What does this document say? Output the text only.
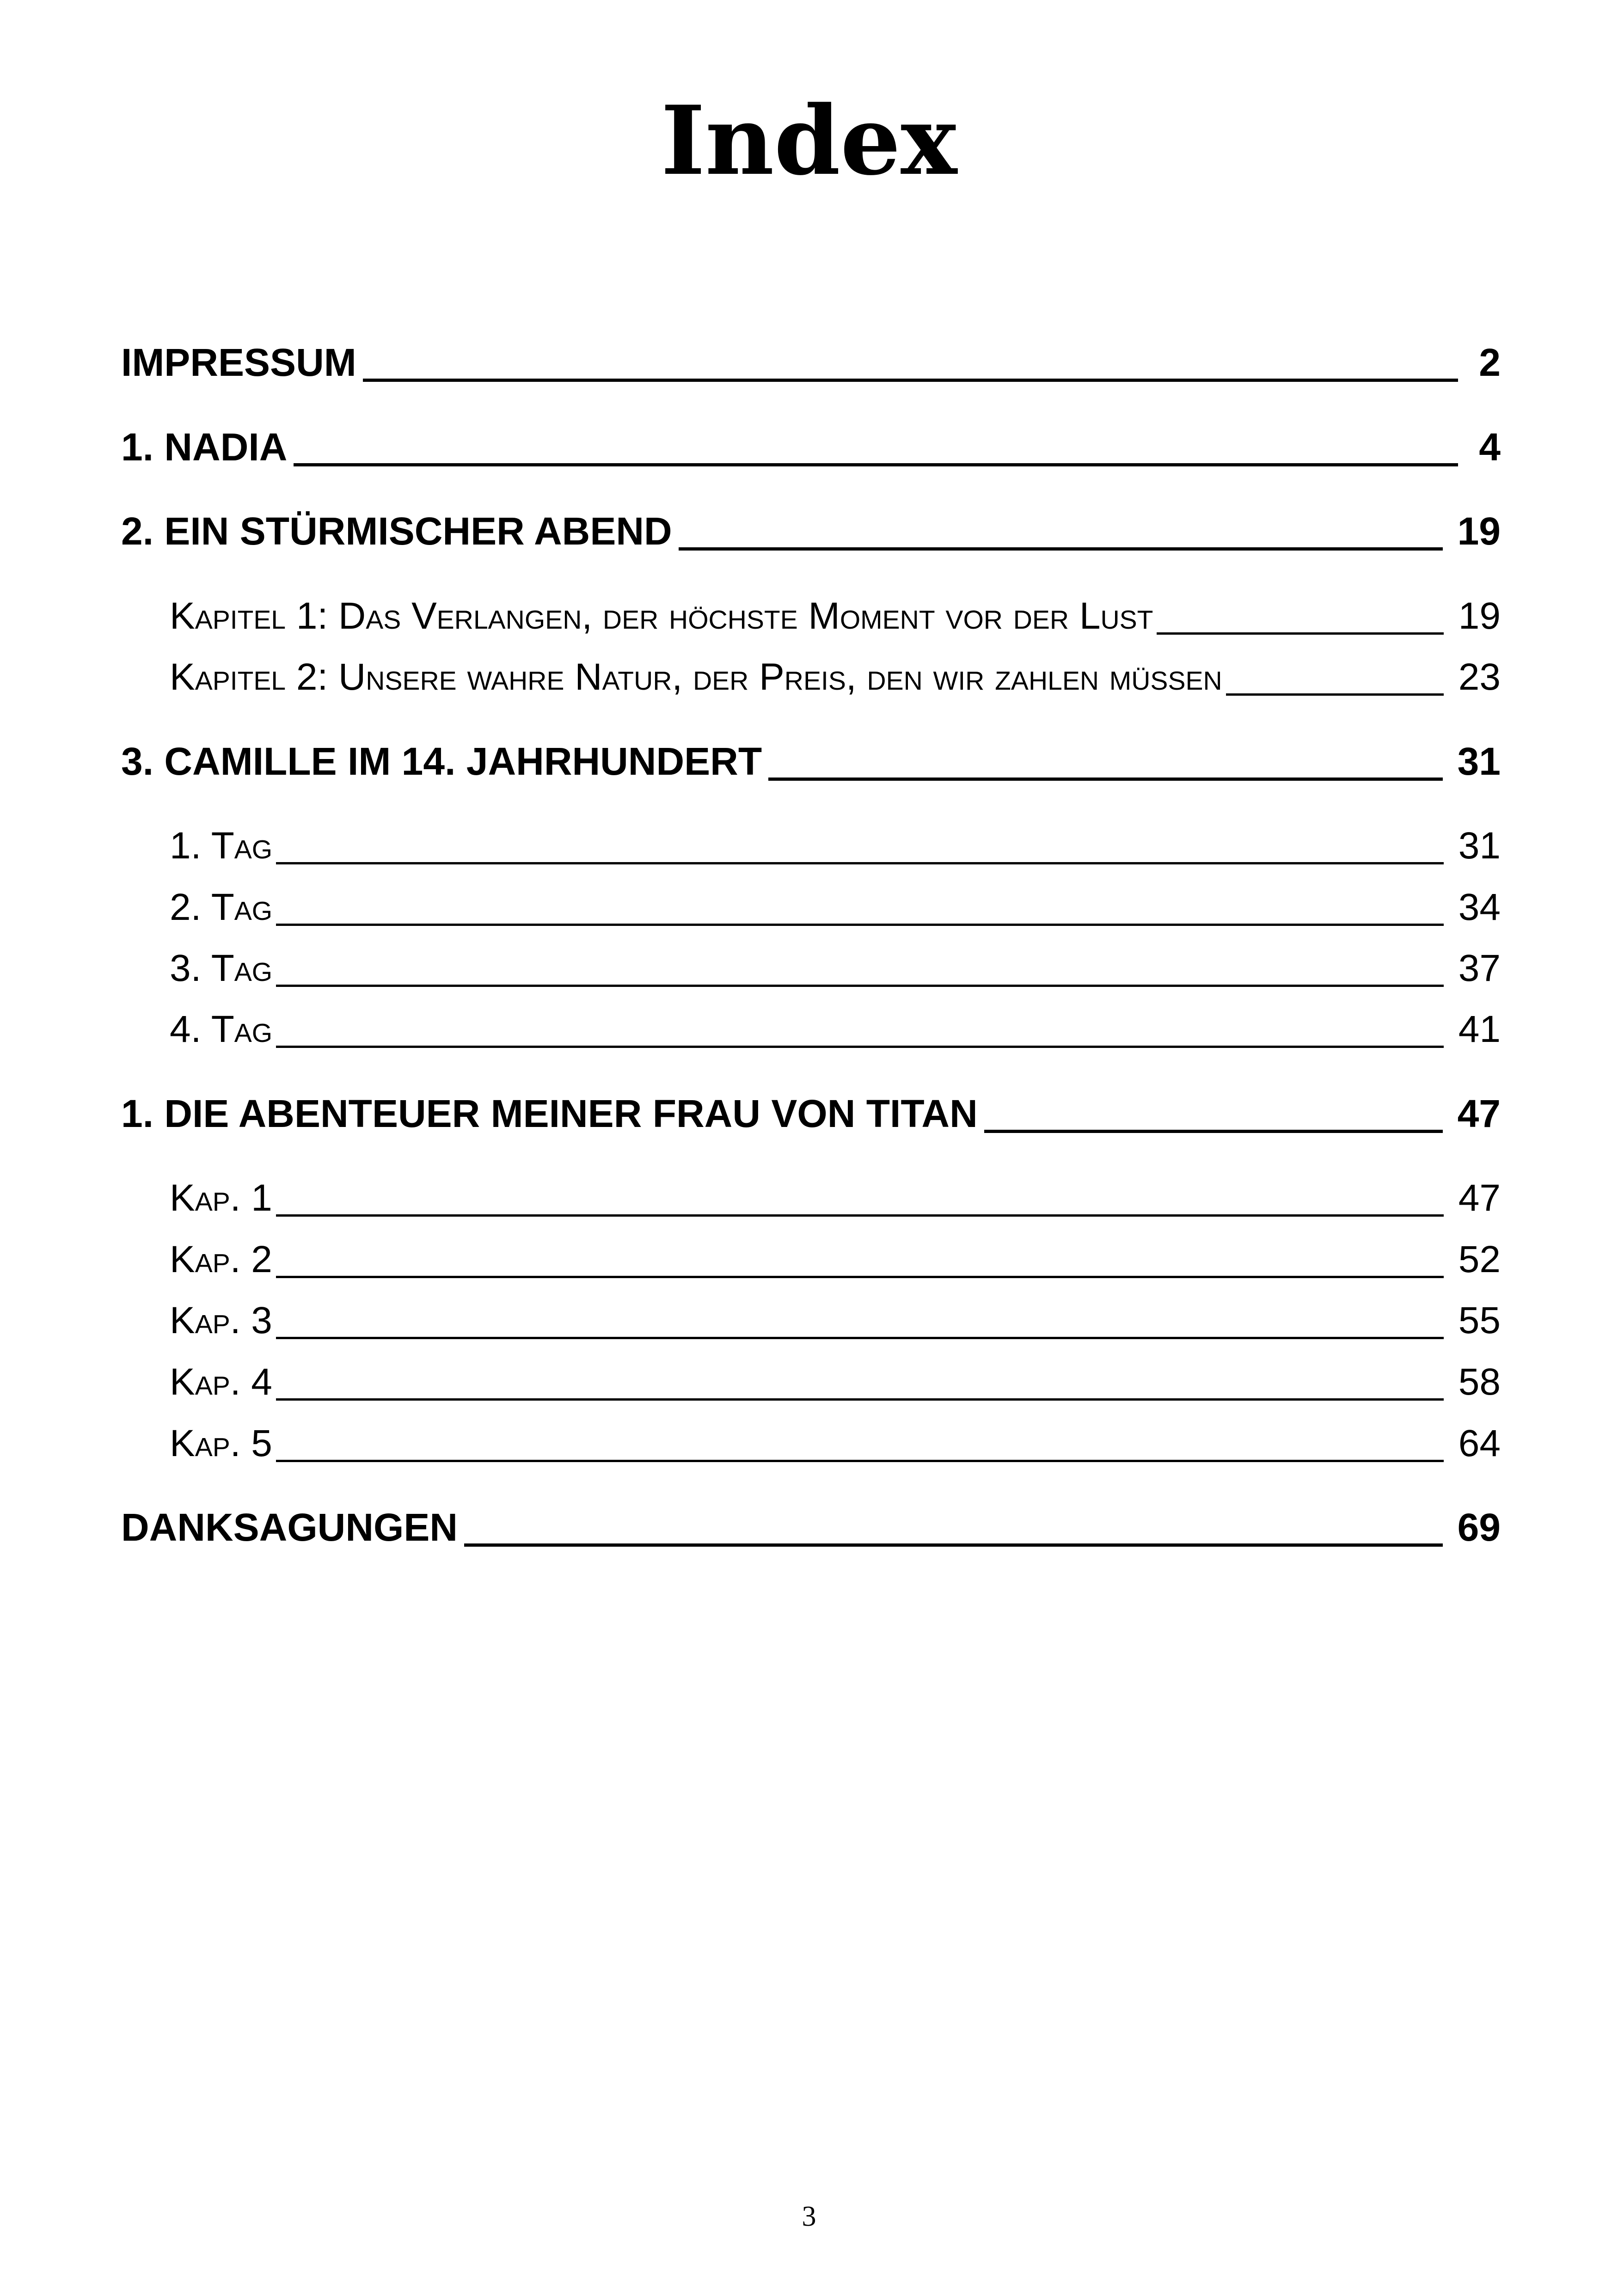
Index
IMPRESSUM	2
1. NADIA	4
2. EIN STÜRMISCHER ABEND	19
Kapitel 1: Das Verlangen, der höchste Moment vor der Lust	19
Kapitel 2: Unsere wahre Natur, der Preis, den wir zahlen müssen	23
3. CAMILLE IM 14. JAHRHUNDERT	31
1. Tag	31
2. Tag	34
3. Tag	37
4. Tag	41
1. DIE ABENTEUER MEINER FRAU VON TITAN	47
Kap. 1	47
Kap. 2	52
Kap. 3	55
Kap. 4	58
Kap. 5	64
DANKSAGUNGEN	69
3
